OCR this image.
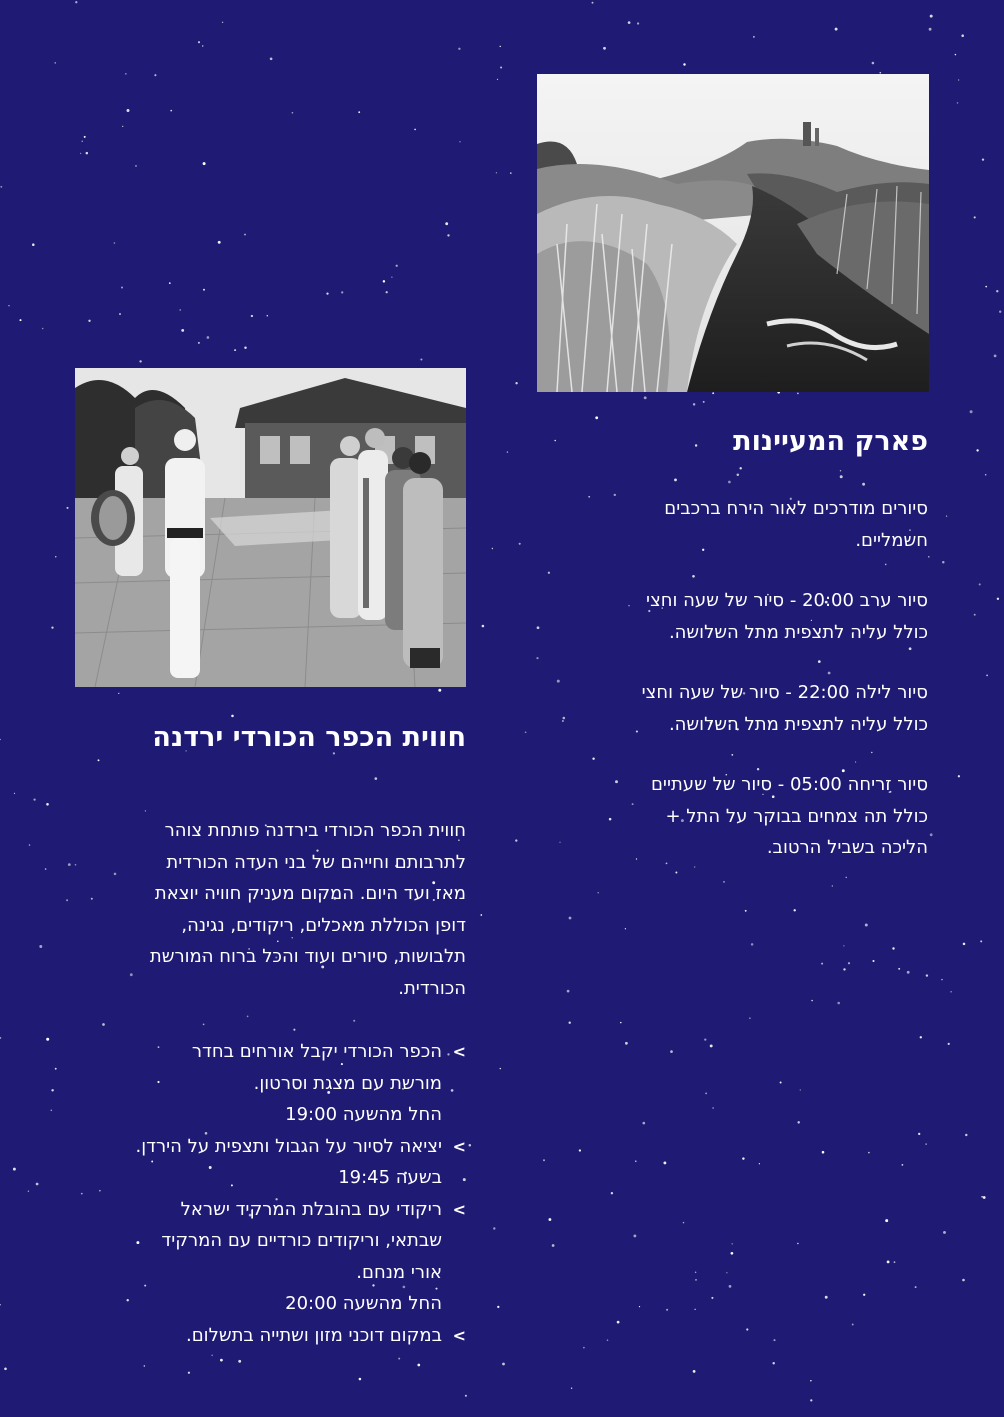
פארק המעיינות

סיורים מודרכים לאור הירח ברכבים
חשמליים.

סיור ערב 20:00 - סיור של שעה וחצי
כולל עליה לתצפית מתל השלושה.

סיור לילה 22:00 - סיור של שעה וחצי
כולל עליה לתצפית מתל השלושה.

סיור זריחה 05:00 - סיור של שעתיים
כולל תה צמחים בבוקר על התל +
הליכה בשביל הרטוב.

חווית הכפר הכורדי ירדנה
חווית הכפר הכורדי בירדנה פותחת צוהר
לתרבותם וחייהם של בני העדה הכורדית
מאז ועד היום. המקום מעניק חוויה יוצאת
דופן הכוללת מאכלים, ריקודים, נגינה,
תלבושות, סיורים ועוד והכל ברוח המורשת
הכורדית.
>
הכפר הכורדי יקבל אורחים בחדר
מורשת עם מצגת וסרטון.
החל מהשעה 19:00
>
יציאה לסיור על הגבול ותצפית על הירדן.
בשעה 19:45
>
ריקודי עם בהובלת המרקיד ישראל
שבתאי, וריקודים כורדיים עם המרקיד
אורי מנחם.
החל מהשעה 20:00
>
במקום דוכני מזון ושתייה בתשלום.
